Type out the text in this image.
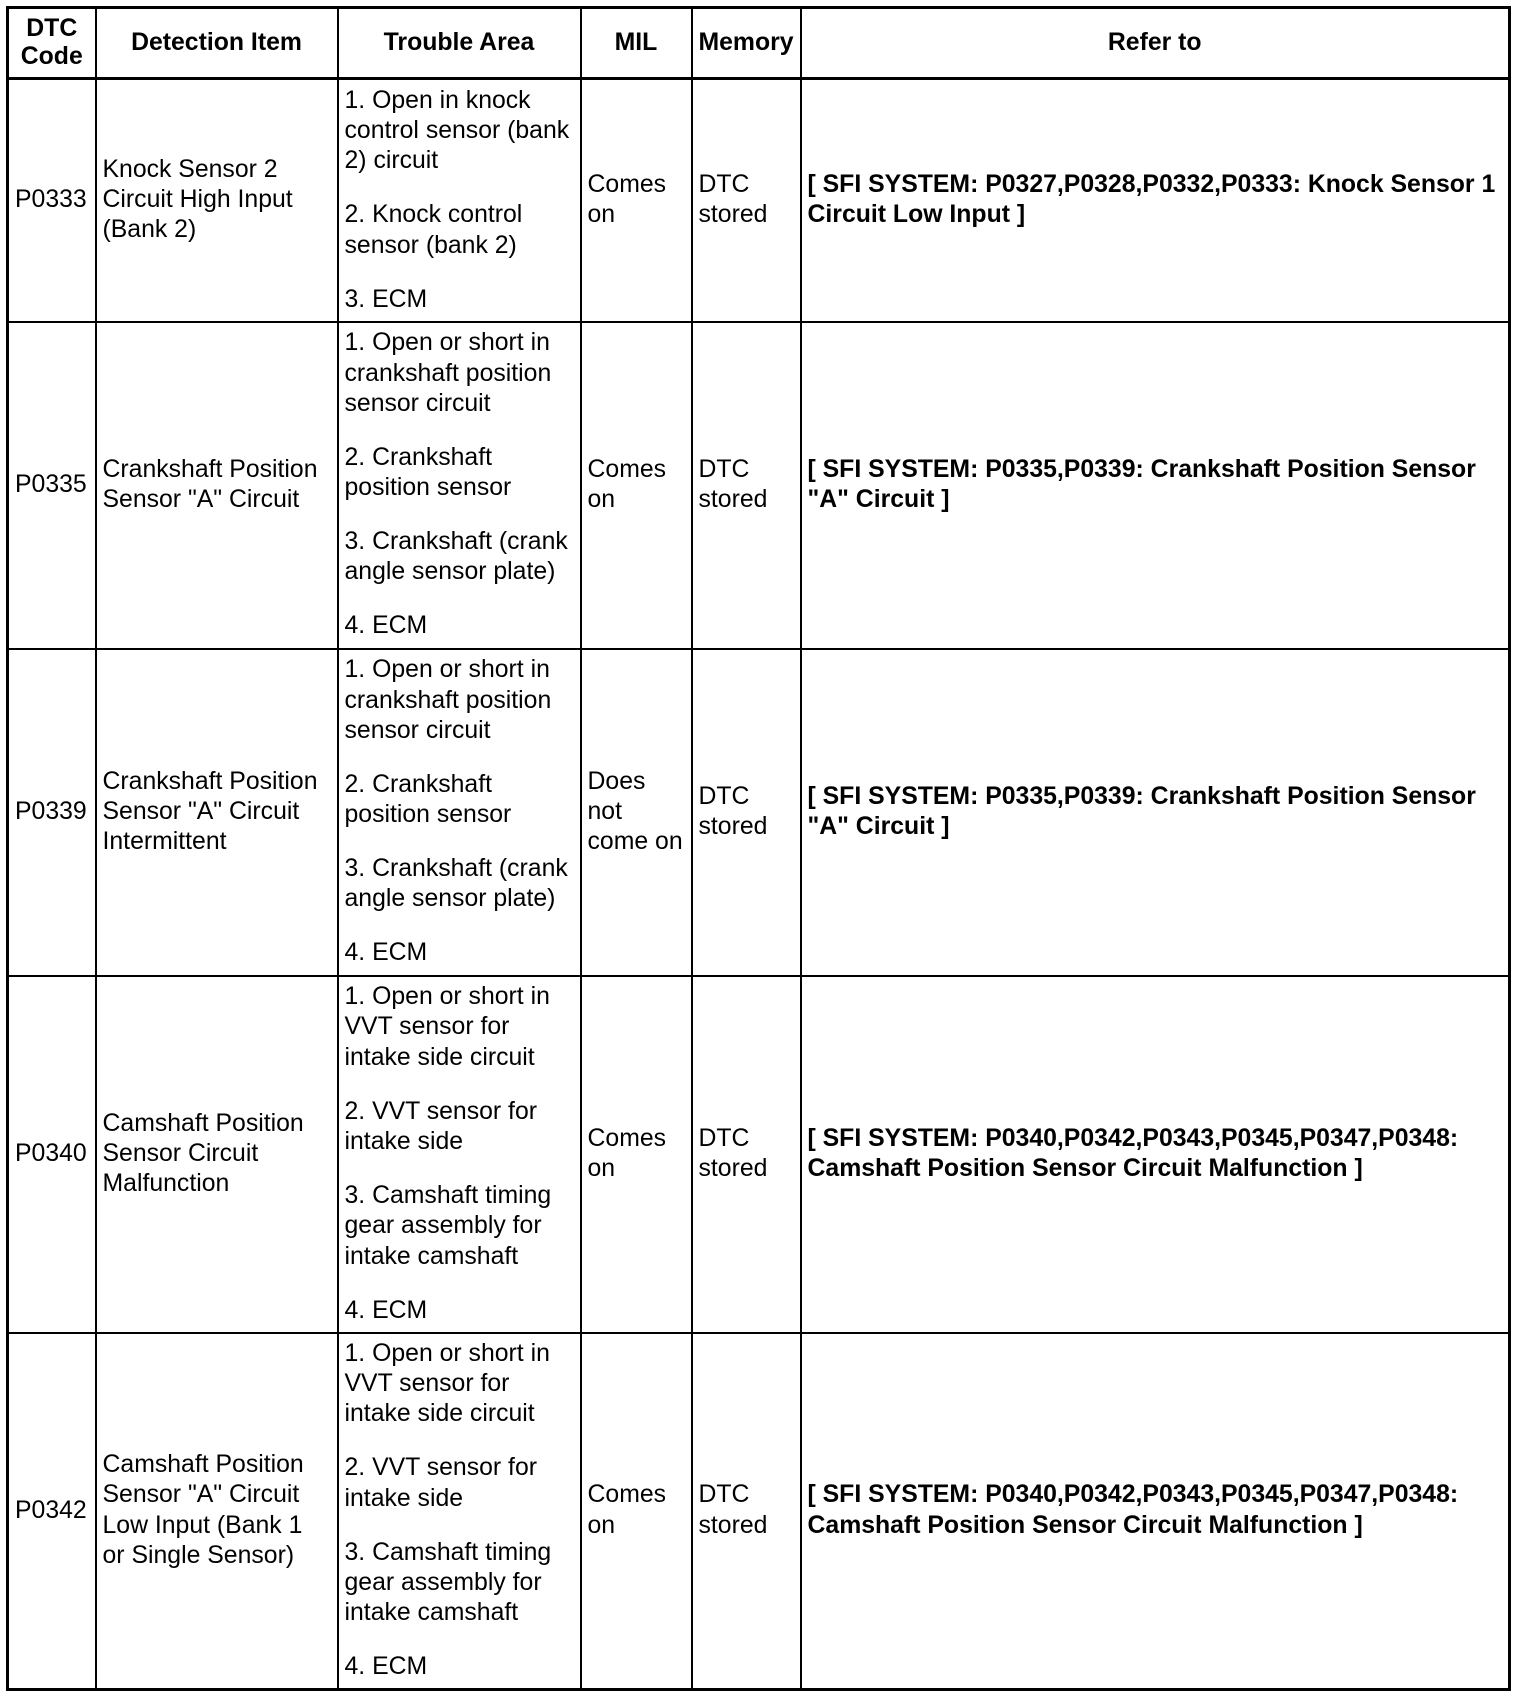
DTC Code	Detection Item	Trouble Area	MIL	Memory	Refer to
P0333	Knock Sensor 2 Circuit High Input (Bank 2)	1. Open in knock control sensor (bank 2) circuit

2. Knock control sensor (bank 2)

3. ECM	Comes on	DTC stored	[ SFI SYSTEM: P0327,P0328,P0332,P0333: Knock Sensor 1 Circuit Low Input ]

P0335	Crankshaft Position Sensor "A" Circuit	1. Open or short in crankshaft position sensor circuit

2. Crankshaft position sensor

3. Crankshaft (crank angle sensor plate)

4. ECM	Comes on	DTC stored	[ SFI SYSTEM: P0335,P0339: Crankshaft Position Sensor "A" Circuit ]

P0339	Crankshaft Position Sensor "A" Circuit Intermittent	1. Open or short in crankshaft position sensor circuit

2. Crankshaft position sensor

3. Crankshaft (crank angle sensor plate)

4. ECM	Does not come on	DTC stored	[ SFI SYSTEM: P0335,P0339: Crankshaft Position Sensor "A" Circuit ]

P0340	Camshaft Position Sensor Circuit Malfunction	1. Open or short in VVT sensor for intake side circuit

2. VVT sensor for intake side

3. Camshaft timing gear assembly for intake camshaft

4. ECM	Comes on	DTC stored	[ SFI SYSTEM: P0340,P0342,P0343,P0345,P0347,P0348: Camshaft Position Sensor Circuit Malfunction ]

P0342	Camshaft Position Sensor "A" Circuit Low Input (Bank 1 or Single Sensor)	1. Open or short in VVT sensor for intake side circuit

2. VVT sensor for intake side

3. Camshaft timing gear assembly for intake camshaft

4. ECM	Comes on	DTC stored	[ SFI SYSTEM: P0340,P0342,P0343,P0345,P0347,P0348: Camshaft Position Sensor Circuit Malfunction ]
